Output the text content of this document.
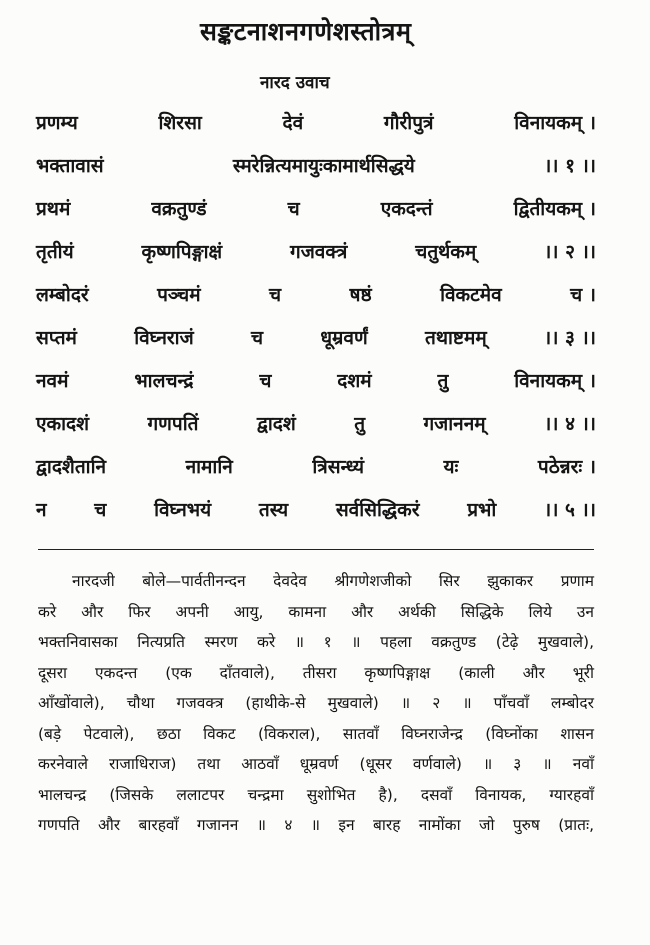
सङ्कटनाशनगणेशस्तोत्रम्
नारद उवाच
प्रणम्य	शिरसा	देवं	गौरीपुत्रं	विनायकम् ।
भक्तावासं	स्मरेन्नित्यमायुःकामार्थसिद्धये	।। १ ।।
प्रथमं	वक्रतुण्डं	च	एकदन्तं	द्वितीयकम् ।
तृतीयं	कृष्णपिङ्गाक्षं	गजवक्त्रं	चतुर्थकम्	।। २ ।।
लम्बोदरं	पञ्चमं	च	षष्ठं	विकटमेव	च ।
सप्तमं	विघ्नराजं	च	धूम्रवर्णं	तथाष्टमम्	।। ३ ।।
नवमं	भालचन्द्रं	च	दशमं	तु	विनायकम् ।
एकादशं	गणपतिं	द्वादशं	तु	गजाननम्	।। ४ ।।
द्वादशैतानि	नामानि	त्रिसन्ध्यं	यः	पठेन्नरः ।
न	च	विघ्नभयं	तस्य	सर्वसिद्धिकरं	प्रभो	।। ५ ।।
नारदजी बोले—पार्वतीनन्दन देवदेव श्रीगणेशजीको सिर झुकाकर प्रणाम
करे और फिर अपनी आयु, कामना और अर्थकी सिद्धिके लिये उन
भक्तनिवासका नित्यप्रति स्मरण करे ॥ १ ॥ पहला वक्रतुण्ड (टेढ़े मुखवाले),
दूसरा एकदन्त (एक दाँतवाले), तीसरा कृष्णपिङ्गाक्ष (काली और भूरी
आँखोंवाले), चौथा गजवक्त्र (हाथीके-से मुखवाले) ॥ २ ॥ पाँचवाँ लम्बोदर
(बड़े पेटवाले), छठा विकट (विकराल), सातवाँ विघ्नराजेन्द्र (विघ्नोंका शासन
करनेवाले राजाधिराज) तथा आठवाँ धूम्रवर्ण (धूसर वर्णवाले) ॥ ३ ॥ नवाँ
भालचन्द्र (जिसके ललाटपर चन्द्रमा सुशोभित है), दसवाँ विनायक, ग्यारहवाँ
गणपति और बारहवाँ गजानन ॥ ४ ॥ इन बारह नामोंका जो पुरुष (प्रातः,
